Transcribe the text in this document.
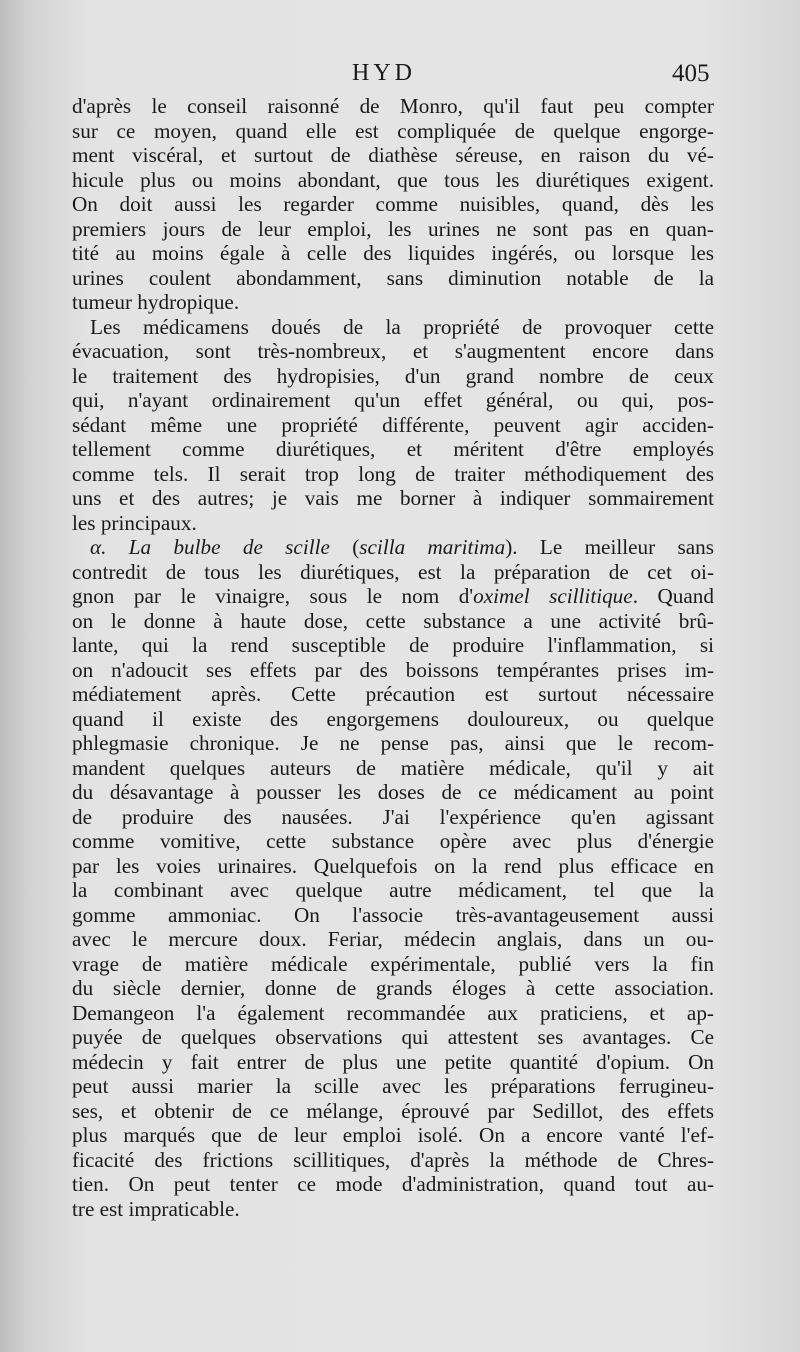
HYD	405
d'après le conseil raisonné de Monro, qu'il faut peu compter
sur ce moyen, quand elle est compliquée de quelque engorge-
ment viscéral, et surtout de diathèse séreuse, en raison du vé-
hicule plus ou moins abondant, que tous les diurétiques exigent.
On doit aussi les regarder comme nuisibles, quand, dès les
premiers jours de leur emploi, les urines ne sont pas en quan-
tité au moins égale à celle des liquides ingérés, ou lorsque les
urines coulent abondamment, sans diminution notable de la
tumeur hydropique.
Les médicamens doués de la propriété de provoquer cette
évacuation, sont très-nombreux, et s'augmentent encore dans
le traitement des hydropisies, d'un grand nombre de ceux
qui, n'ayant ordinairement qu'un effet général, ou qui, pos-
sédant même une propriété différente, peuvent agir acciden-
tellement comme diurétiques, et méritent d'être employés
comme tels. Il serait trop long de traiter méthodiquement des
uns et des autres; je vais me borner à indiquer sommairement
les principaux.
α. La bulbe de scille (scilla maritima). Le meilleur sans
contredit de tous les diurétiques, est la préparation de cet oi-
gnon par le vinaigre, sous le nom d'oximel scillitique. Quand
on le donne à haute dose, cette substance a une activité brû-
lante, qui la rend susceptible de produire l'inflammation, si
on n'adoucit ses effets par des boissons tempérantes prises im-
médiatement après. Cette précaution est surtout nécessaire
quand il existe des engorgemens douloureux, ou quelque
phlegmasie chronique. Je ne pense pas, ainsi que le recom-
mandent quelques auteurs de matière médicale, qu'il y ait
du désavantage à pousser les doses de ce médicament au point
de produire des nausées. J'ai l'expérience qu'en agissant
comme vomitive, cette substance opère avec plus d'énergie
par les voies urinaires. Quelquefois on la rend plus efficace en
la combinant avec quelque autre médicament, tel que la
gomme ammoniac. On l'associe très-avantageusement aussi
avec le mercure doux. Feriar, médecin anglais, dans un ou-
vrage de matière médicale expérimentale, publié vers la fin
du siècle dernier, donne de grands éloges à cette association.
Demangeon l'a également recommandée aux praticiens, et ap-
puyée de quelques observations qui attestent ses avantages. Ce
médecin y fait entrer de plus une petite quantité d'opium. On
peut aussi marier la scille avec les préparations ferrugineu-
ses, et obtenir de ce mélange, éprouvé par Sedillot, des effets
plus marqués que de leur emploi isolé. On a encore vanté l'ef-
ficacité des frictions scillitiques, d'après la méthode de Chres-
tien. On peut tenter ce mode d'administration, quand tout au-
tre est impraticable.
